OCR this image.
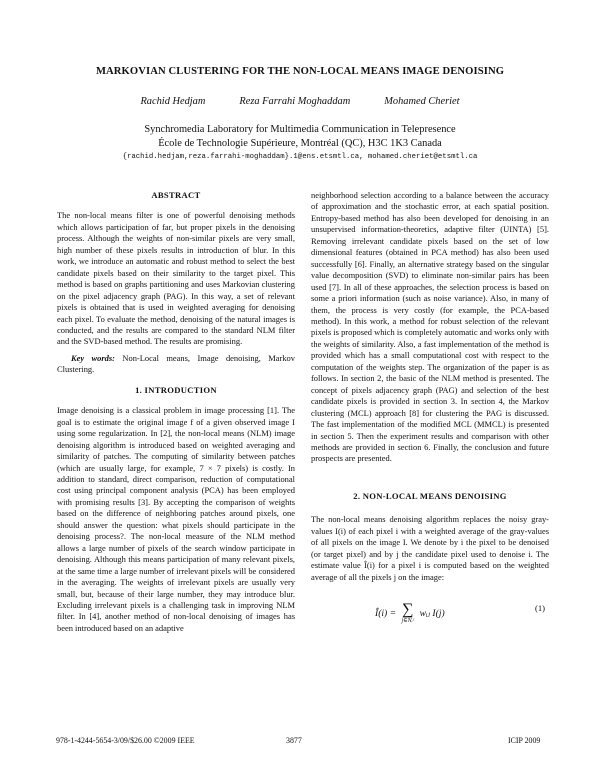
MARKOVIAN CLUSTERING FOR THE NON-LOCAL MEANS IMAGE DENOISING
Rachid Hedjam	Reza Farrahi Moghaddam	Mohamed Cheriet
Synchromedia Laboratory for Multimedia Communication in Telepresence
École de Technologie Supérieure, Montréal (QC), H3C 1K3 Canada
{rachid.hedjam,reza.farrahi-moghaddam}.1@ens.etsmtl.ca, mohamed.cheriet@etsmtl.ca
ABSTRACT

The non-local means filter is one of powerful denoising methods which allows participation of far, but proper pixels in the denoising process. Although the weights of non-similar pixels are very small, high number of these pixels results in introduction of blur. In this work, we introduce an automatic and robust method to select the best candidate pixels based on their similarity to the target pixel. This method is based on graphs partitioning and uses Markovian clustering on the pixel adjacency graph (PAG). In this way, a set of relevant pixels is obtained that is used in weighted averaging for denoising each pixel. To evaluate the method, denoising of the natural images is conducted, and the results are compared to the standard NLM filter and the SVD-based method. The results are promising.

Key words: Non-Local means, Image denoising, Markov Clustering.

1. INTRODUCTION

Image denoising is a classical problem in image processing [1]. The goal is to estimate the original image f of a given observed image I using some regularization. In [2], the non-local means (NLM) image denoising algorithm is introduced based on weighted averaging and similarity of patches. The computing of similarity between patches (which are usually large, for example, 7 × 7 pixels) is costly. In addition to standard, direct comparison, reduction of computational cost using principal component analysis (PCA) has been employed with promising results [3]. By accepting the comparison of weights based on the difference of neighboring patches around pixels, one should answer the question: what pixels should participate in the denoising process?. The non-local measure of the NLM method allows a large number of pixels of the search window participate in denoising. Although this means participation of many relevant pixels, at the same time a large number of irrelevant pixels will be considered in the averaging. The weights of irrelevant pixels are usually very small, but, because of their large number, they may introduce blur. Excluding irrelevant pixels is a challenging task in improving NLM filter. In [4], another method of non-local denoising of images has been introduced based on an adaptive

neighborhood selection according to a balance between the accuracy of approximation and the stochastic error, at each spatial position. Entropy-based method has also been developed for denoising in an unsupervised information-theoretics, adaptive filter (UINTA) [5]. Removing irrelevant candidate pixels based on the set of low dimensional features (obtained in PCA method) has also been used successfully [6]. Finally, an alternative strategy based on the singular value decomposition (SVD) to eliminate non-similar pairs has been used [7]. In all of these approaches, the selection process is based on some a priori information (such as noise variance). Also, in many of them, the process is very costly (for example, the PCA-based method). In this work, a method for robust selection of the relevant pixels is proposed which is completely automatic and works only with the weights of similarity. Also, a fast implementation of the method is provided which has a small computational cost with respect to the computation of the weights step. The organization of the paper is as follows. In section 2, the basic of the NLM method is presented. The concept of pixels adjacency graph (PAG) and selection of the best candidate pixels is provided in section 3. In section 4, the Markov clustering (MCL) approach [8] for clustering the PAG is discussed. The fast implementation of the modified MCL (MMCL) is presented in section 5. Then the experiment results and comparison with other methods are provided in section 6. Finally, the conclusion and future prospects are presented.

2. NON-LOCAL MEANS DENOISING

The non-local means denoising algorithm replaces the noisy gray-values I(i) of each pixel i with a weighted average of the gray-values of all pixels on the image I. We denote by i the pixel to be denoised (or target pixel) and by j the candidate pixel used to denoise i. The estimate value Î(i) for a pixel i is computed based on the weighted average of all the pixels j on the image:

Î(i) = ∑
j∈Nᵢᶜ
wᵢⱼ I(j)
(1)
978-1-4244-5654-3/09/$26.00 ©2009 IEEE	3877	ICIP 2009
